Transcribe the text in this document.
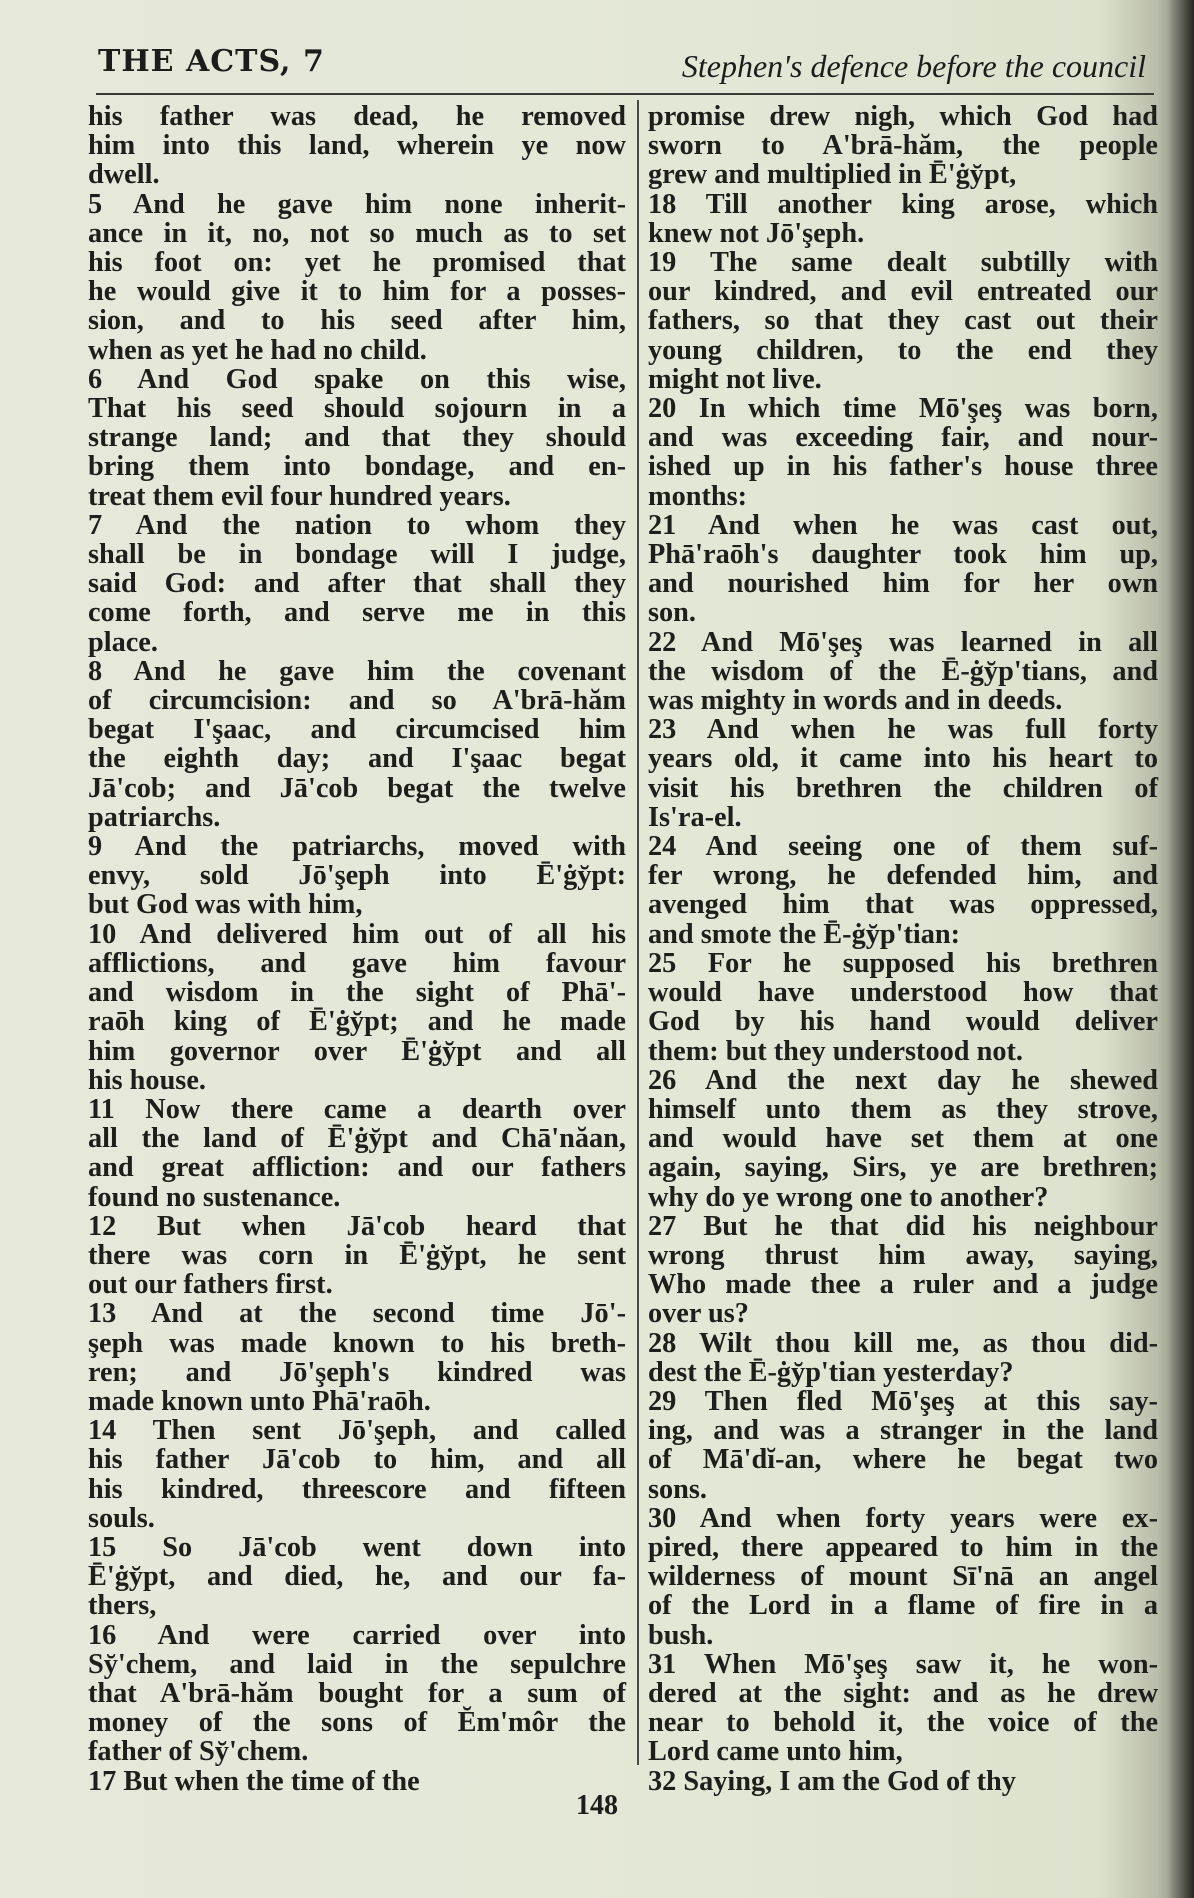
THE ACTS, 7	Stephen's defence before the council
his father was dead, he removed
him into this land, wherein ye now
dwell.
5 And he gave him none inherit-
ance in it, no, not so much as to set
his foot on: yet he promised that
he would give it to him for a posses-
sion, and to his seed after him,
when as yet he had no child.
6 And God spake on this wise,
That his seed should sojourn in a
strange land; and that they should
bring them into bondage, and en-
treat them evil four hundred years.
7 And the nation to whom they
shall be in bondage will I judge,
said God: and after that shall they
come forth, and serve me in this
place.
8 And he gave him the covenant
of circumcision: and so A'brā-hăm
begat I'şaac, and circumcised him
the eighth day; and I'şaac begat
Jā'cob; and Jā'cob begat the twelve
patriarchs.
9 And the patriarchs, moved with
envy, sold Jō'şeph into Ē'ġy̆pt:
but God was with him,
10 And delivered him out of all his
afflictions, and gave him favour
and wisdom in the sight of Phā'-
raōh king of Ē'ġy̆pt; and he made
him governor over Ē'ġy̆pt and all
his house.
11 Now there came a dearth over
all the land of Ē'ġy̆pt and Chā'năan,
and great affliction: and our fathers
found no sustenance.
12 But when Jā'cob heard that
there was corn in Ē'ġy̆pt, he sent
out our fathers first.
13 And at the second time Jō'-
şeph was made known to his breth-
ren; and Jō'şeph's kindred was
made known unto Phā'raōh.
14 Then sent Jō'şeph, and called
his father Jā'cob to him, and all
his kindred, threescore and fifteen
souls.
15 So Jā'cob went down into
Ē'ġy̆pt, and died, he, and our fa-
thers,
16 And were carried over into
Sy̆'chem, and laid in the sepulchre
that A'brā-hăm bought for a sum of
money of the sons of Ĕm'môr the
father of Sy̆'chem.
17 But when the time of the
promise drew nigh, which God had
sworn to A'brā-hăm, the people
grew and multiplied in Ē'ġy̆pt,
18 Till another king arose, which
knew not Jō'şeph.
19 The same dealt subtilly with
our kindred, and evil entreated our
fathers, so that they cast out their
young children, to the end they
might not live.
20 In which time Mō'şeş was born,
and was exceeding fair, and nour-
ished up in his father's house three
months:
21 And when he was cast out,
Phā'raōh's daughter took him up,
and nourished him for her own
son.
22 And Mō'şeş was learned in all
the wisdom of the Ē-ġy̆p'tians, and
was mighty in words and in deeds.
23 And when he was full forty
years old, it came into his heart to
visit his brethren the children of
Is'ra-el.
24 And seeing one of them suf-
fer wrong, he defended him, and
avenged him that was oppressed,
and smote the Ē-ġy̆p'tian:
25 For he supposed his brethren
would have understood how that
God by his hand would deliver
them: but they understood not.
26 And the next day he shewed
himself unto them as they strove,
and would have set them at one
again, saying, Sirs, ye are brethren;
why do ye wrong one to another?
27 But he that did his neighbour
wrong thrust him away, saying,
Who made thee a ruler and a judge
over us?
28 Wilt thou kill me, as thou did-
dest the Ē-ġy̆p'tian yesterday?
29 Then fled Mō'şeş at this say-
ing, and was a stranger in the land
of Mā'dĭ-an, where he begat two
sons.
30 And when forty years were ex-
pired, there appeared to him in the
wilderness of mount Sī'nā an angel
of the Lord in a flame of fire in a
bush.
31 When Mō'şeş saw it, he won-
dered at the sight: and as he drew
near to behold it, the voice of the
Lord came unto him,
32 Saying, I am the God of thy
148
